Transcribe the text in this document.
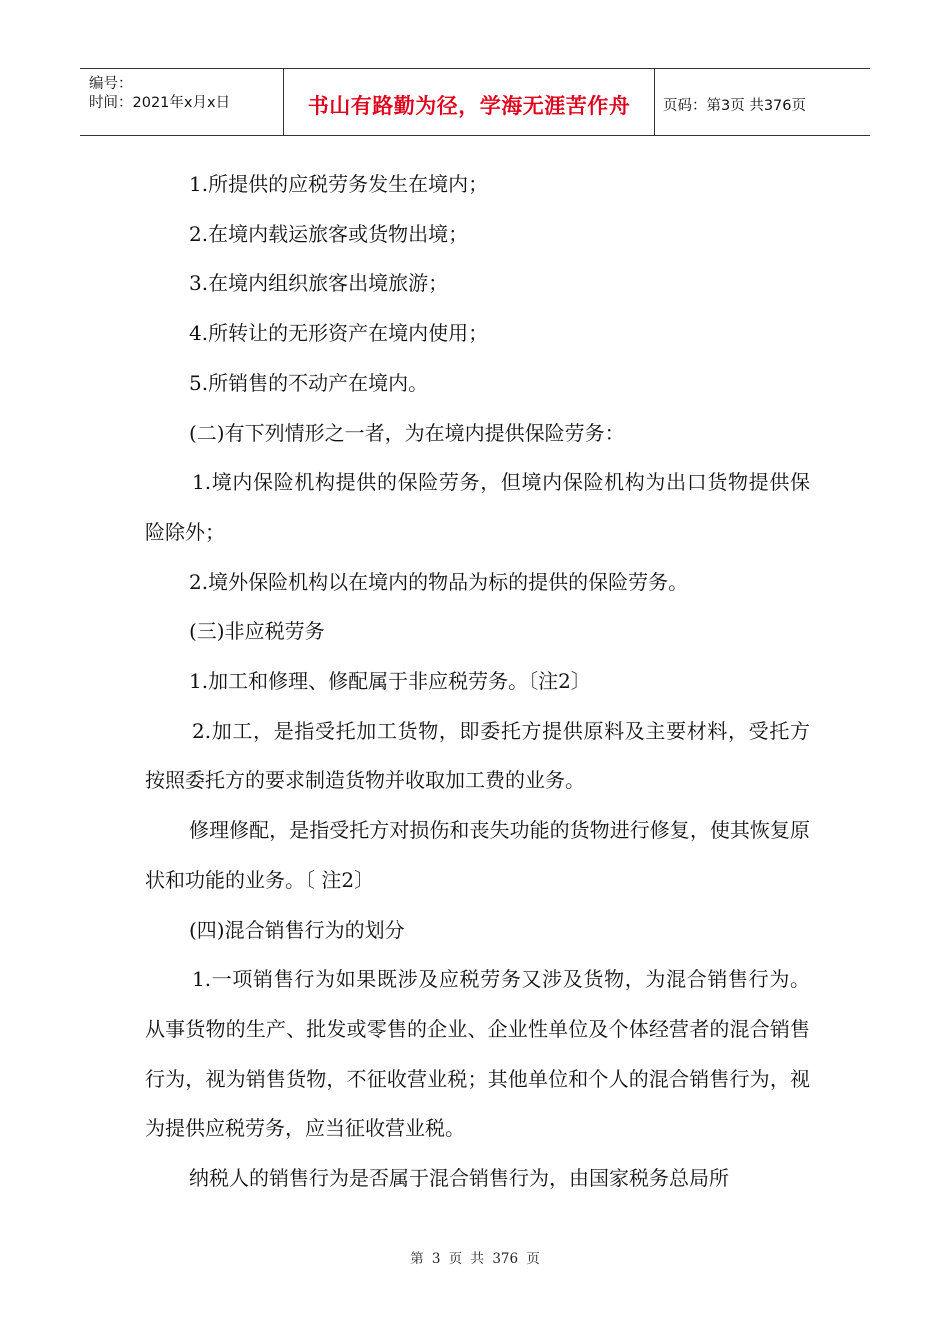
编号：
时间：2021年x月x日	书山有路勤为径，学海无涯苦作舟 页码：第3页 共376页

1.所提供的应税劳务发生在境内；

2.在境内载运旅客或货物出境；

3.在境内组织旅客出境旅游；

4.所转让的无形资产在境内使用；

5.所销售的不动产在境内。

(二)有下列情形之一者，为在境内提供保险劳务：

1.境内保险机构提供的保险劳务，但境内保险机构为出口货物提供保险除外；

2.境外保险机构以在境内的物品为标的提供的保险劳务。

(三)非应税劳务

1.加工和修理、修配属于非应税劳务。〔注2〕

2.加工，是指受托加工货物，即委托方提供原料及主要材料，受托方按照委托方的要求制造货物并收取加工费的业务。

修理修配，是指受托方对损伤和丧失功能的货物进行修复，使其恢复原状和功能的业务。〔 注2〕

(四)混合销售行为的划分

1.一项销售行为如果既涉及应税劳务又涉及货物，为混合销售行为。从事货物的生产、批发或零售的企业、企业性单位及个体经营者的混合销售行为，视为销售货物，不征收营业税；其他单位和个人的混合销售行为，视为提供应税劳务，应当征收营业税。

纳税人的销售行为是否属于混合销售行为，由国家税务总局所

第 3 页 共 376 页
